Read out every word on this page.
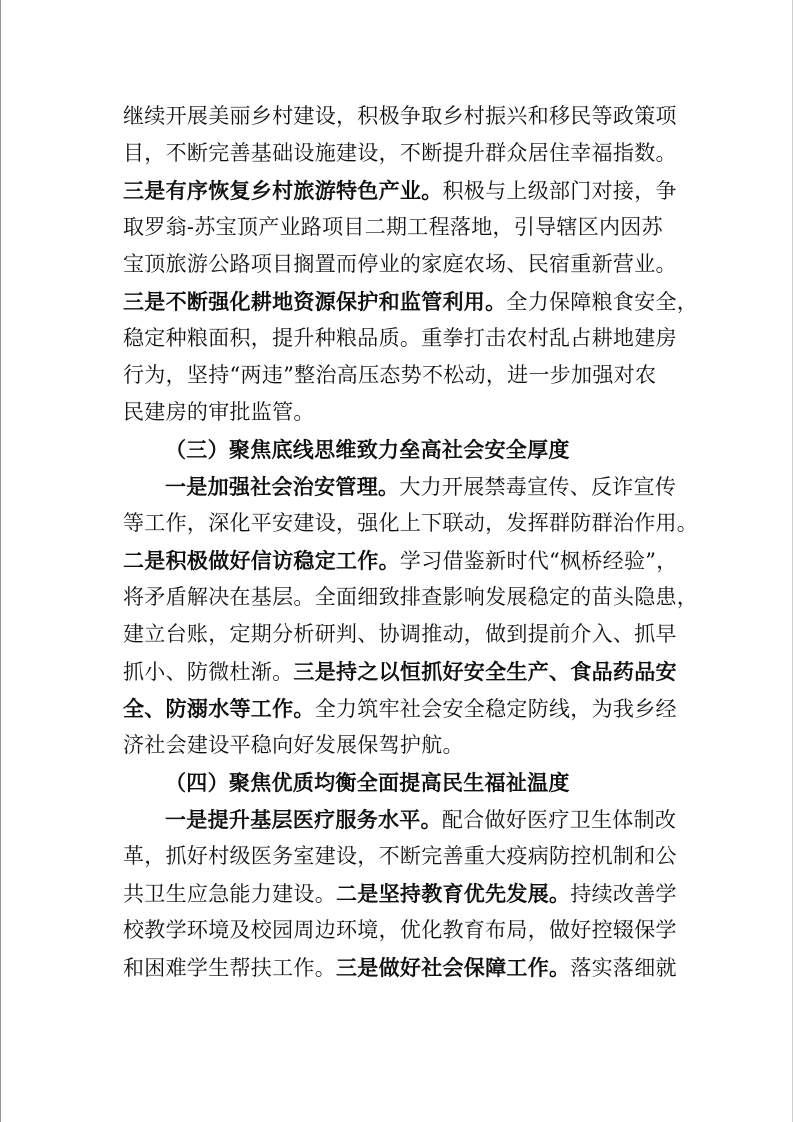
继续开展美丽乡村建设，积极争取乡村振兴和移民等政策项
目，不断完善基础设施建设，不断提升群众居住幸福指数。
三是有序恢复乡村旅游特色产业。积极与上级部门对接，争
取罗翁-苏宝顶产业路项目二期工程落地，引导辖区内因苏
宝顶旅游公路项目搁置而停业的家庭农场、民宿重新营业。
三是不断强化耕地资源保护和监管利用。全力保障粮食安全，
稳定种粮面积，提升种粮品质。重拳打击农村乱占耕地建房
行为，坚持“两违”整治高压态势不松动，进一步加强对农
民建房的审批监管。
（三）聚焦底线思维致力垒高社会安全厚度
一是加强社会治安管理。大力开展禁毒宣传、反诈宣传
等工作，深化平安建设，强化上下联动，发挥群防群治作用。
二是积极做好信访稳定工作。学习借鉴新时代“枫桥经验”，
将矛盾解决在基层。全面细致排查影响发展稳定的苗头隐患，
建立台账，定期分析研判、协调推动，做到提前介入、抓早
抓小、防微杜渐。三是持之以恒抓好安全生产、食品药品安
全、防溺水等工作。全力筑牢社会安全稳定防线，为我乡经
济社会建设平稳向好发展保驾护航。
（四）聚焦优质均衡全面提高民生福祉温度
一是提升基层医疗服务水平。配合做好医疗卫生体制改
革，抓好村级医务室建设，不断完善重大疫病防控机制和公
共卫生应急能力建设。二是坚持教育优先发展。持续改善学
校教学环境及校园周边环境，优化教育布局，做好控辍保学
和困难学生帮扶工作。三是做好社会保障工作。落实落细就
